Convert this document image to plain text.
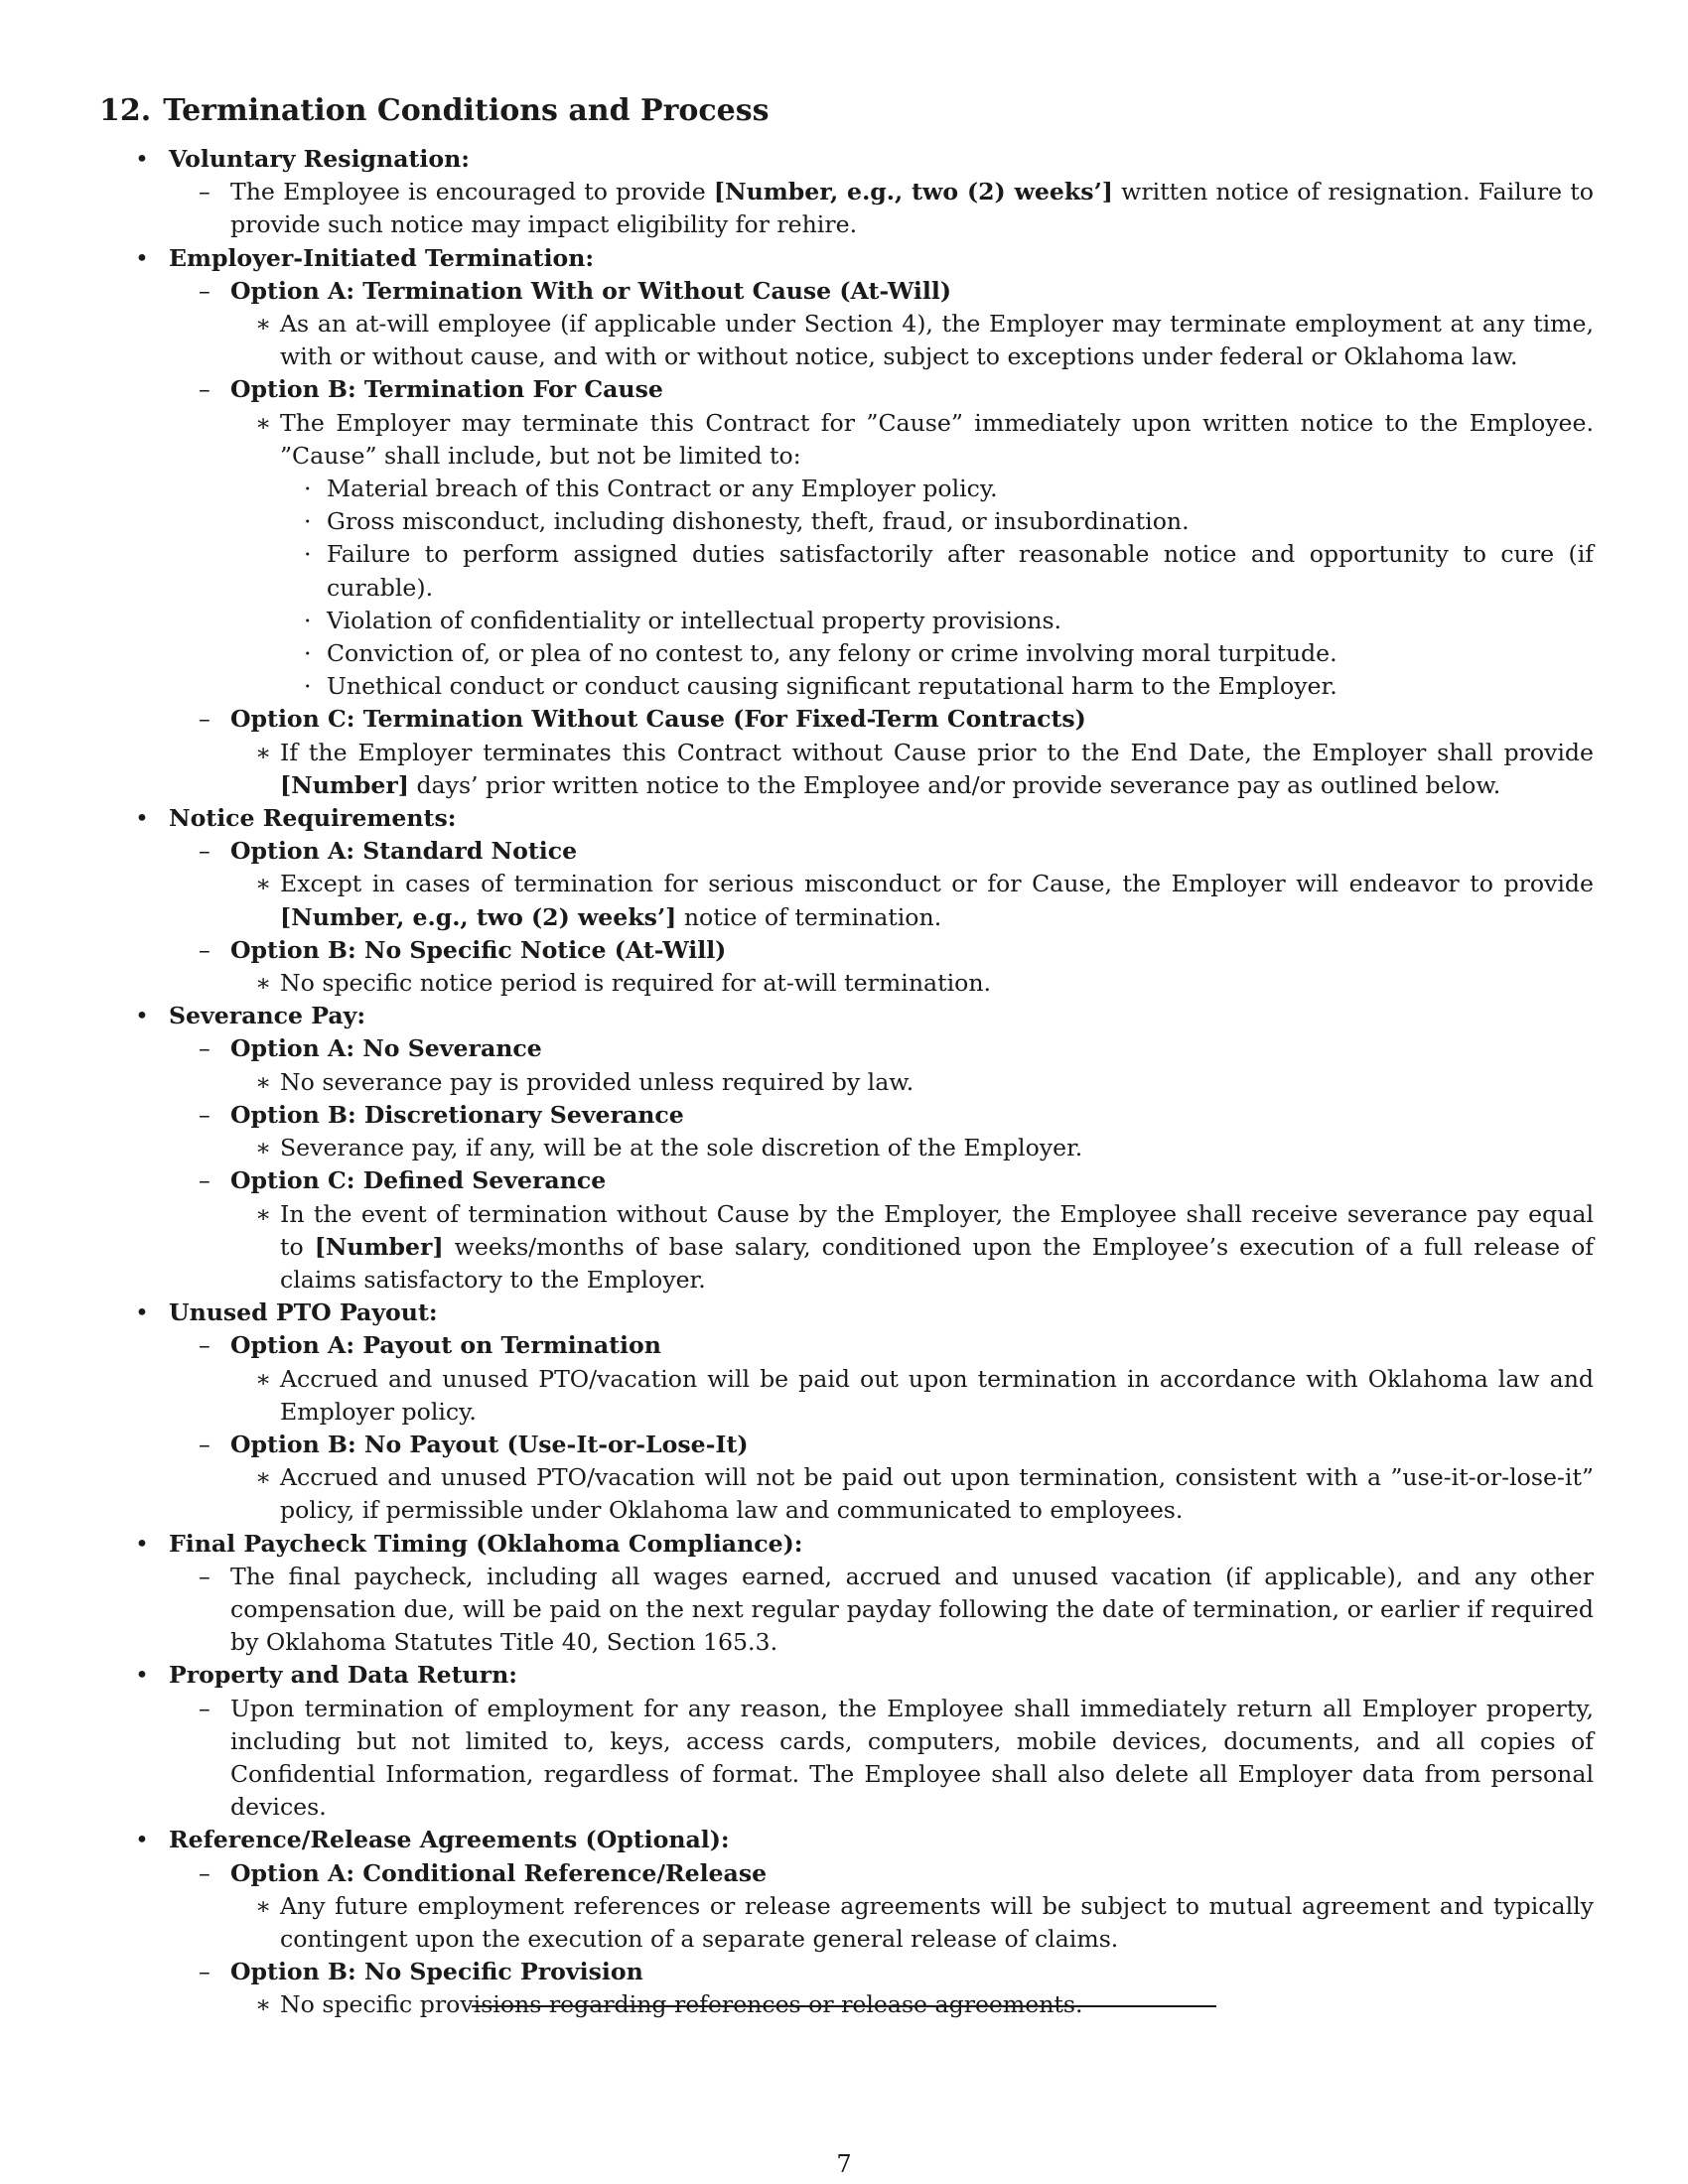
12. Termination Conditions and Process
• Voluntary Resignation:
– The Employee is encouraged to provide [Number, e.g., two (2) weeks’] written notice of resignation. Failure to provide such notice may impact eligibility for rehire.
• Employer-Initiated Termination:
– Option A: Termination With or Without Cause (At-Will)
∗ As an at-will employee (if applicable under Section 4), the Employer may terminate employment at any time, with or without cause, and with or without notice, subject to exceptions under federal or Oklahoma law.
– Option B: Termination For Cause
∗ The Employer may terminate this Contract for ”Cause” immediately upon written notice to the Employee. ”Cause” shall include, but not be limited to:
· Material breach of this Contract or any Employer policy.
· Gross misconduct, including dishonesty, theft, fraud, or insubordination.
· Failure to perform assigned duties satisfactorily after reasonable notice and opportunity to cure (if curable).
· Violation of confidentiality or intellectual property provisions.
· Conviction of, or plea of no contest to, any felony or crime involving moral turpitude.
· Unethical conduct or conduct causing significant reputational harm to the Employer.
– Option C: Termination Without Cause (For Fixed-Term Contracts)
∗ If the Employer terminates this Contract without Cause prior to the End Date, the Employer shall provide [Number] days’ prior written notice to the Employee and/or provide severance pay as outlined below.
• Notice Requirements:
– Option A: Standard Notice
∗ Except in cases of termination for serious misconduct or for Cause, the Employer will endeavor to provide [Number, e.g., two (2) weeks’] notice of termination.
– Option B: No Specific Notice (At-Will)
∗ No specific notice period is required for at-will termination.
• Severance Pay:
– Option A: No Severance
∗ No severance pay is provided unless required by law.
– Option B: Discretionary Severance
∗ Severance pay, if any, will be at the sole discretion of the Employer.
– Option C: Defined Severance
∗ In the event of termination without Cause by the Employer, the Employee shall receive severance pay equal to [Number] weeks/months of base salary, conditioned upon the Employee’s execution of a full release of claims satisfactory to the Employer.
• Unused PTO Payout:
– Option A: Payout on Termination
∗ Accrued and unused PTO/vacation will be paid out upon termination in accordance with Oklahoma law and Employer policy.
– Option B: No Payout (Use-It-or-Lose-It)
∗ Accrued and unused PTO/vacation will not be paid out upon termination, consistent with a ”use-it-or-lose-it” policy, if permissible under Oklahoma law and communicated to employees.
• Final Paycheck Timing (Oklahoma Compliance):
– The final paycheck, including all wages earned, accrued and unused vacation (if applicable), and any other compensation due, will be paid on the next regular payday following the date of termination, or earlier if required by Oklahoma Statutes Title 40, Section 165.3.
• Property and Data Return:
– Upon termination of employment for any reason, the Employee shall immediately return all Employer property, including but not limited to, keys, access cards, computers, mobile devices, documents, and all copies of Confidential Information, regardless of format. The Employee shall also delete all Employer data from personal devices.
• Reference/Release Agreements (Optional):
– Option A: Conditional Reference/Release
∗ Any future employment references or release agreements will be subject to mutual agreement and typically contingent upon the execution of a separate general release of claims.
– Option B: No Specific Provision
∗ No specific provisions regarding references or release agreements.
7
